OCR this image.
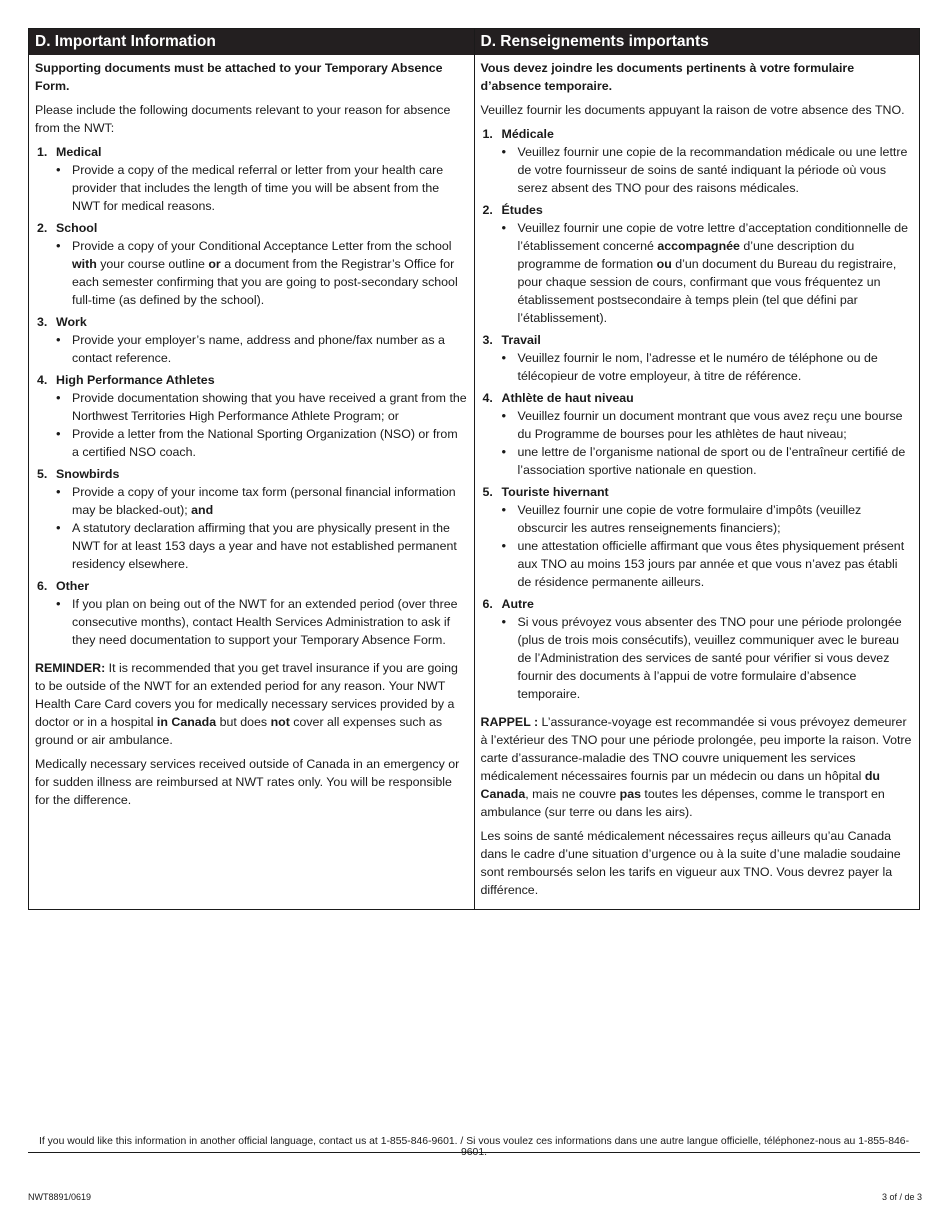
D. Important Information

Supporting documents must be attached to your Temporary Absence Form.

Please include the following documents relevant to your reason for absence from the NWT:

1. Medical
• Provide a copy of the medical referral or letter from your health care provider that includes the length of time you will be absent from the NWT for medical reasons.
2. School
• Provide a copy of your Conditional Acceptance Letter from the school with your course outline or a document from the Registrar’s Office for each semester confirming that you are going to post-secondary school full-time (as defined by the school).
3. Work
• Provide your employer’s name, address and phone/fax number as a contact reference.
4. High Performance Athletes
• Provide documentation showing that you have received a grant from the Northwest Territories High Performance Athlete Program; or
• Provide a letter from the National Sporting Organization (NSO) or from a certified NSO coach.
5. Snowbirds
• Provide a copy of your income tax form (personal financial information may be blacked-out); and
• A statutory declaration affirming that you are physically present in the NWT for at least 153 days a year and have not established permanent residency elsewhere.
6. Other
• If you plan on being out of the NWT for an extended period (over three consecutive months), contact Health Services Administration to ask if they need documentation to support your Temporary Absence Form.

REMINDER: It is recommended that you get travel insurance if you are going to be outside of the NWT for an extended period for any reason. Your NWT Health Care Card covers you for medically necessary services provided by a doctor or in a hospital in Canada but does not cover all expenses such as ground or air ambulance.

Medically necessary services received outside of Canada in an emergency or for sudden illness are reimbursed at NWT rates only. You will be responsible for the difference.

D. Renseignements importants

Vous devez joindre les documents pertinents à votre formulaire d’absence temporaire.

Veuillez fournir les documents appuyant la raison de votre absence des TNO.

1. Médicale
• Veuillez fournir une copie de la recommandation médicale ou une lettre de votre fournisseur de soins de santé indiquant la période où vous serez absent des TNO pour des raisons médicales.
2. Études
• Veuillez fournir une copie de votre lettre d’acceptation conditionnelle de l’établissement concerné accompagnée d’une description du programme de formation ou d’un document du Bureau du registraire, pour chaque session de cours, confirmant que vous fréquentez un établissement postsecondaire à temps plein (tel que défini par l’établissement).
3. Travail
• Veuillez fournir le nom, l’adresse et le numéro de téléphone ou de télécopieur de votre employeur, à titre de référence.
4. Athlète de haut niveau
• Veuillez fournir un document montrant que vous avez reçu une bourse du Programme de bourses pour les athlètes de haut niveau;
• une lettre de l’organisme national de sport ou de l’entraîneur certifié de l’association sportive nationale en question.
5. Touriste hivernant
• Veuillez fournir une copie de votre formulaire d’impôts (veuillez obscurcir les autres renseignements financiers);
• une attestation officielle affirmant que vous êtes physiquement présent aux TNO au moins 153 jours par année et que vous n’avez pas établi de résidence permanente ailleurs.
6. Autre
• Si vous prévoyez vous absenter des TNO pour une période prolongée (plus de trois mois consécutifs), veuillez communiquer avec le bureau de l’Administration des services de santé pour vérifier si vous devez fournir des documents à l’appui de votre formulaire d’absence temporaire.

RAPPEL : L’assurance-voyage est recommandée si vous prévoyez demeurer à l’extérieur des TNO pour une période prolongée, peu importe la raison. Votre carte d’assurance-maladie des TNO couvre uniquement les services médicalement nécessaires fournis par un médecin ou dans un hôpital du Canada, mais ne couvre pas toutes les dépenses, comme le transport en ambulance (sur terre ou dans les airs).

Les soins de santé médicalement nécessaires reçus ailleurs qu’au Canada dans le cadre d’une situation d’urgence ou à la suite d’une maladie soudaine sont remboursés selon les tarifs en vigueur aux TNO. Vous devrez payer la différence.

If you would like this information in another official language, contact us at 1-855-846-9601. / Si vous voulez ces informations dans une autre langue officielle, téléphonez-nous au 1-855-846-9601.
NWT8891/0619	3 of / de 3
